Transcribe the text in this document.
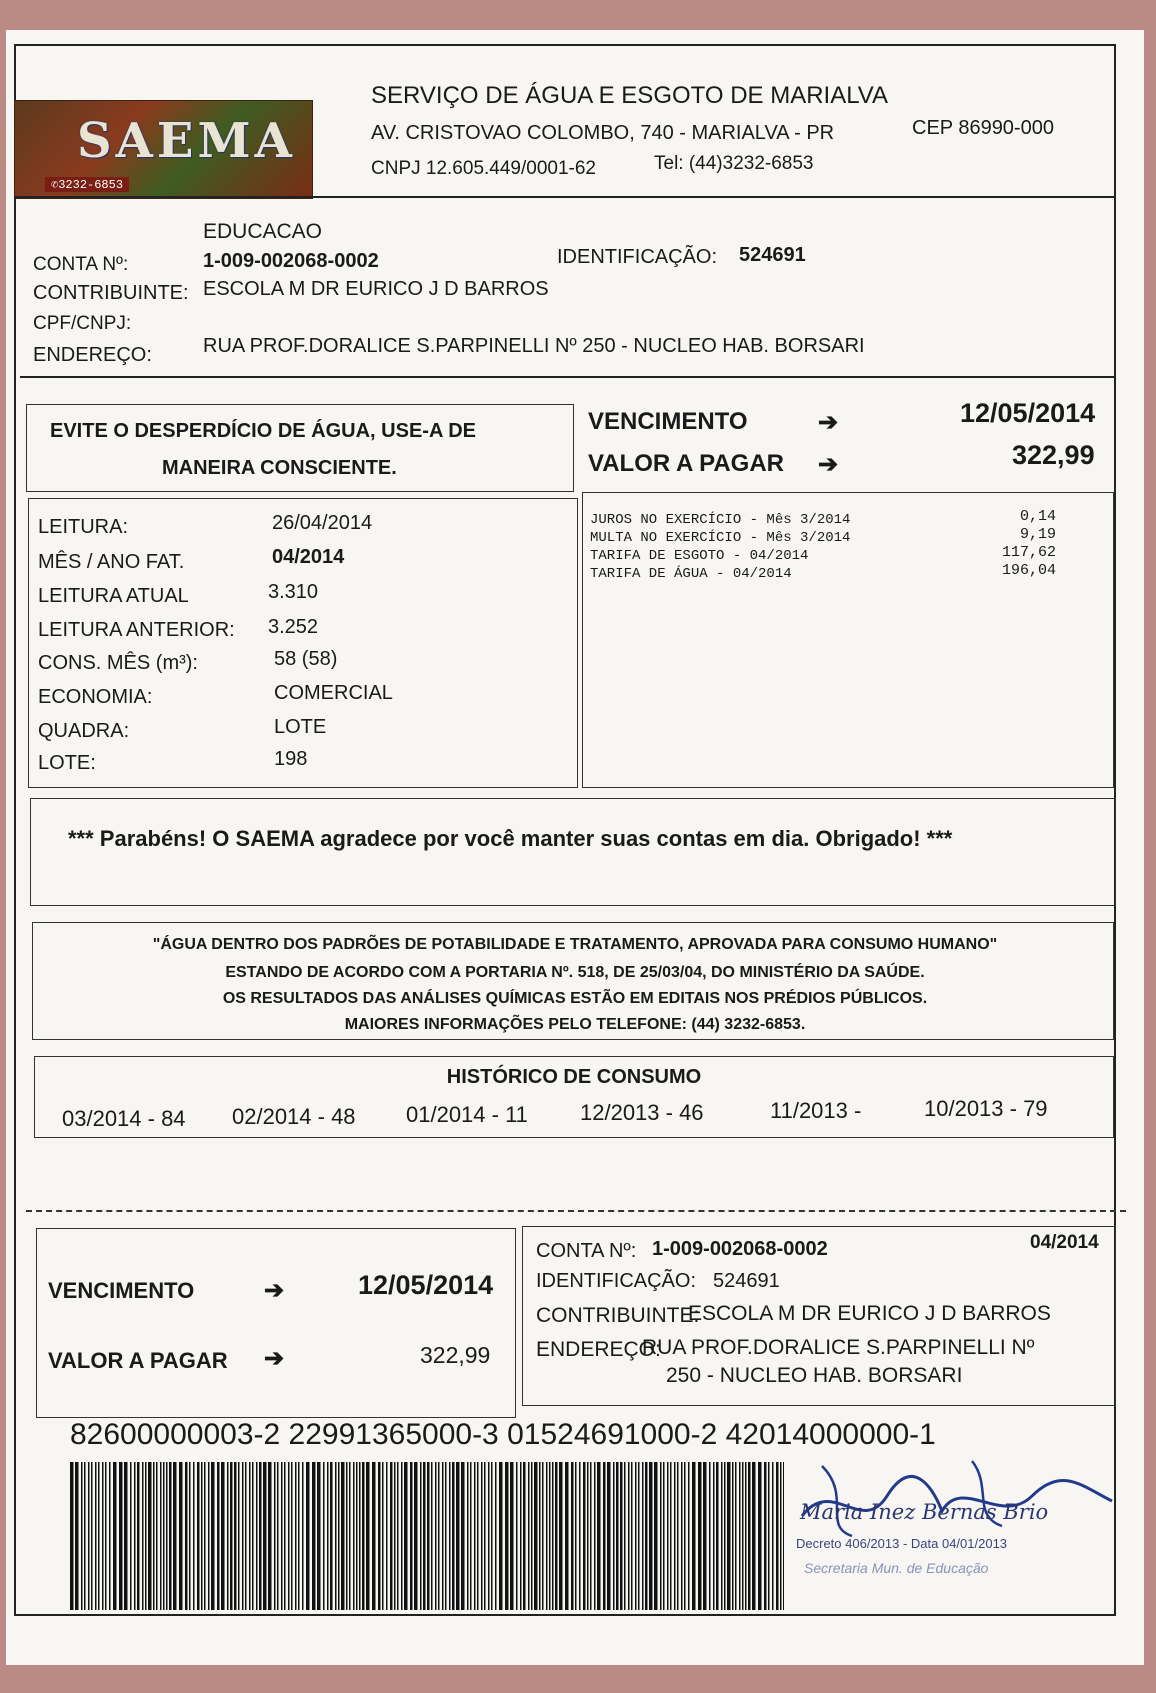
SAEMA
✆3232-6853
SERVIÇO DE ÁGUA E ESGOTO DE MARIALVA
AV. CRISTOVAO COLOMBO, 740 - MARIALVA - PR	CEP 86990-000
CNPJ 12.605.449/0001-62	Tel: (44)3232-6853
EDUCACAO
CONTA Nº:	1-009-002068-0002	IDENTIFICAÇÃO: 524691
CONTRIBUINTE: ESCOLA M DR EURICO J D BARROS
CPF/CNPJ:
ENDEREÇO:	RUA PROF.DORALICE S.PARPINELLI Nº 250 - NUCLEO HAB. BORSARI
EVITE O DESPERDÍCIO DE ÁGUA, USE-A DE
MANEIRA CONSCIENTE.
VENCIMENTO	➔	12/05/2014
VALOR A PAGAR ➔	322,99
LEITURA:	26/04/2014
MÊS / ANO FAT.	04/2014
LEITURA ATUAL	3.310
LEITURA ANTERIOR: 3.252
CONS. MÊS (m³):	58 (58)
ECONOMIA:	COMERCIAL
QUADRA:	LOTE
LOTE:	198
JUROS NO EXERCÍCIO - Mês 3/2014	0,14
MULTA NO EXERCÍCIO - Mês 3/2014	9,19
TARIFA DE ESGOTO - 04/2014	117,62
TARIFA DE ÁGUA - 04/2014	196,04
*** Parabéns! O SAEMA agradece por você manter suas contas em dia. Obrigado! ***
"ÁGUA DENTRO DOS PADRÕES DE POTABILIDADE E TRATAMENTO, APROVADA PARA CONSUMO HUMANO"
ESTANDO DE ACORDO COM A PORTARIA Nº. 518, DE 25/03/04, DO MINISTÉRIO DA SAÚDE.
OS RESULTADOS DAS ANÁLISES QUÍMICAS ESTÃO EM EDITAIS NOS PRÉDIOS PÚBLICOS.
MAIORES INFORMAÇÕES PELO TELEFONE: (44) 3232-6853.
HISTÓRICO DE CONSUMO
03/2014 - 84 02/2014 - 48 01/2014 - 11 12/2013 - 46	11/2013 -	10/2013 - 79
VENCIMENTO	➔	12/05/2014
VALOR A PAGAR ➔	322,99
CONTA Nº: 1-009-002068-0002	04/2014
IDENTIFICAÇÃO: 524691
CONTRIBUINTE:
ESCOLA M DR EURICO J D BARROS
ENDEREÇO:
RUA PROF.DORALICE S.PARPINELLI Nº
250 - NUCLEO HAB. BORSARI
82600000003-2 22991365000-3 01524691000-2 42014000000-1
Maria Inez Bernas Brio
Decreto 406/2013 - Data 04/01/2013
Secretaria Mun. de Educação
